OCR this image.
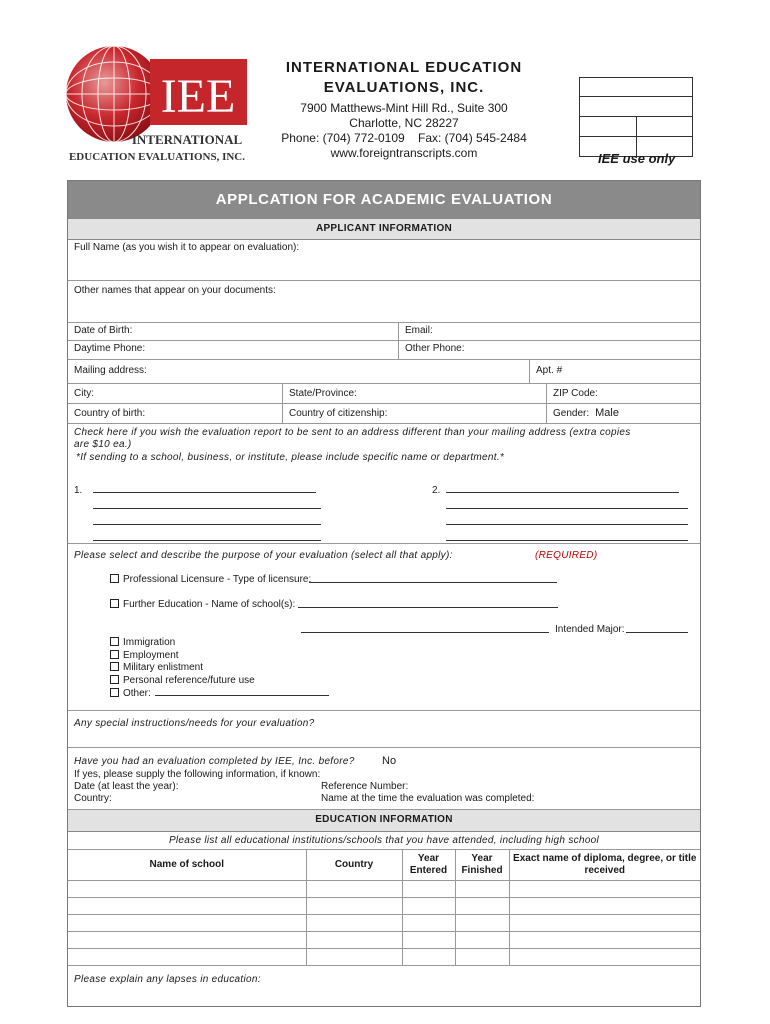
IEE
INTERNATIONAL
EDUCATION EVALUATIONS, INC.
INTERNATIONAL EDUCATION
EVALUATIONS, INC.
7900 Matthews-Mint Hill Rd., Suite 300
Charlotte, NC 28227
Phone: (704) 772-0109    Fax: (704) 545-2484
www.foreigntranscripts.com	IEE use only
APPLCATION FOR ACADEMIC EVALUATION
APPLICANT INFORMATION
Full Name (as you wish it to appear on evaluation):
Other names that appear on your documents:
Date of Birth:	Email:
Daytime Phone:	Other Phone:
Mailing address:	Apt. #
City:	State/Province:	ZIP Code:
Country of birth:	Country of citizenship:	Gender: Male
Check here if you wish the evaluation report to be sent to an address different than your mailing address (extra copies
are $10 ea.)
*If sending to a school, business, or institute, please include specific name or department.*
1.	2.
Please select and describe the purpose of your evaluation (select all that apply):	(REQUIRED)
Professional Licensure - Type of licensure:
Further Education - Name of school(s):
Intended Major:
Immigration
Employment
Military enlistment
Personal reference/future use
Other:
Any special instructions/needs for your evaluation?
Have you had an evaluation completed by IEE, Inc. before? No
If yes, please supply the following information, if known:
Date (at least the year):	Reference Number:
Country:	Name at the time the evaluation was completed:
EDUCATION INFORMATION
Please list all educational institutions/schools that you have attended, including high school
Name of school	Country	Year Entered	Year Finished	Exact name of diploma, degree, or title received

Please explain any lapses in education:
